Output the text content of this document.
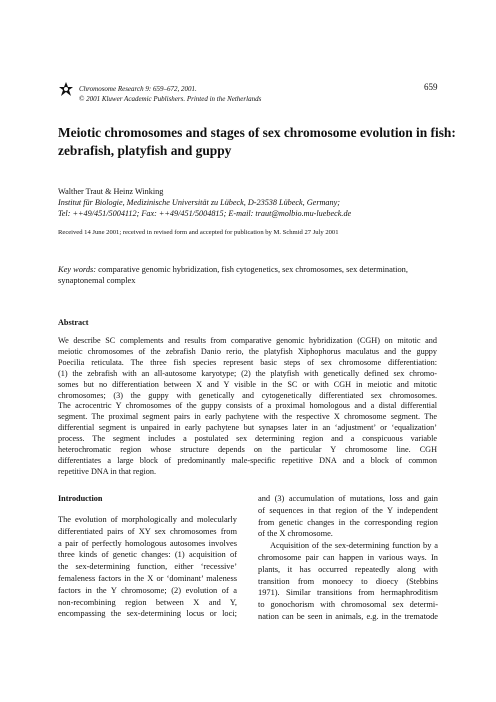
Chromosome Research 9: 659–672, 2001.
© 2001 Kluwer Academic Publishers. Printed in the Netherlands
659
Meiotic chromosomes and stages of sex chromosome evolution in fish:
zebrafish, platyfish and guppy
Walther Traut & Heinz Winking
Institut für Biologie, Medizinische Universität zu Lübeck, D-23538 Lübeck, Germany;
Tel: ++49/451/5004112; Fax: ++49/451/5004815; E-mail: traut@molbio.mu-luebeck.de
Received 14 June 2001; received in revised form and accepted for publication by M. Schmid 27 July 2001
Key words: comparative genomic hybridization, fish cytogenetics, sex chromosomes, sex determination, synaptonemal complex
Abstract
We describe SC complements and results from comparative genomic hybridization (CGH) on mitotic and
meiotic chromosomes of the zebrafish Danio rerio, the platyfish Xiphophorus maculatus and the guppy
Poecilia reticulata. The three fish species represent basic steps of sex chromosome differentiation:
(1) the zebrafish with an all-autosome karyotype; (2) the platyfish with genetically defined sex chromo-
somes but no differentiation between X and Y visible in the SC or with CGH in meiotic and mitotic
chromosomes; (3) the guppy with genetically and cytogenetically differentiated sex chromosomes.
The acrocentric Y chromosomes of the guppy consists of a proximal homologous and a distal differential
segment. The proximal segment pairs in early pachytene with the respective X chromosome segment. The
differential segment is unpaired in early pachytene but synapses later in an ‘adjustment’ or ‘equalization’
process. The segment includes a postulated sex determining region and a conspicuous variable
heterochromatic region whose structure depends on the particular Y chromosome line. CGH
differentiates a large block of predominantly male-specific repetitive DNA and a block of common
repetitive DNA in that region.
Introduction
The evolution of morphologically and molecularly
differentiated pairs of XY sex chromosomes from
a pair of perfectly homologous autosomes involves
three kinds of genetic changes: (1) acquisition of
the sex-determining function, either ‘recessive’
femaleness factors in the X or ‘dominant’ maleness
factors in the Y chromosome; (2) evolution of a
non-recombining region between X and Y,
encompassing the sex-determining locus or loci;
and (3) accumulation of mutations, loss and gain
of sequences in that region of the Y independent
from genetic changes in the corresponding region
of the X chromosome.
Acquisition of the sex-determining function by a
chromosome pair can happen in various ways. In
plants, it has occurred repeatedly along with
transition from monoecy to dioecy (Stebbins
1971). Similar transitions from hermaphroditism
to gonochorism with chromosomal sex determi-
nation can be seen in animals, e.g. in the trematode
